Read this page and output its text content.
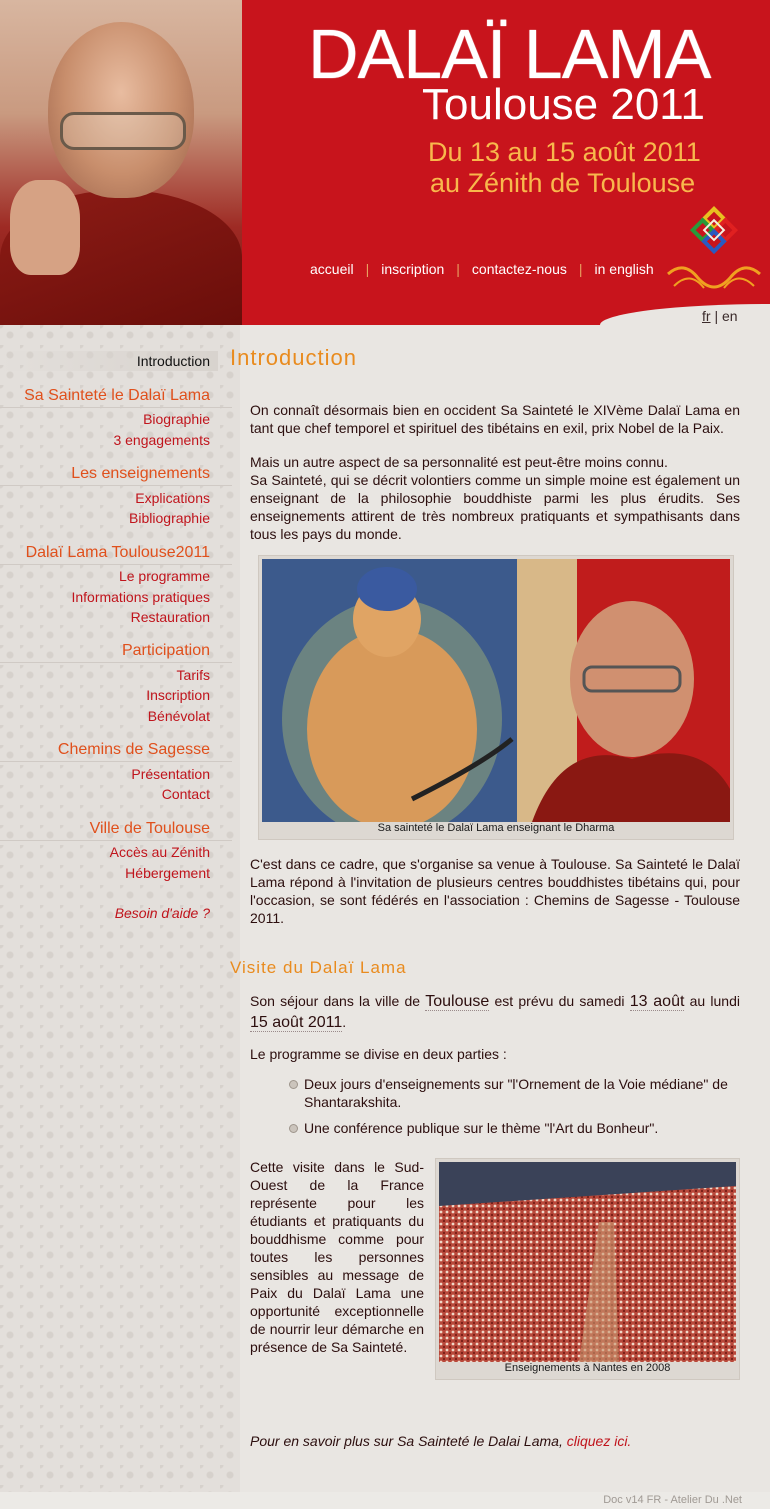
DALAÏ LAMA
Toulouse 2011
Du 13 au 15 août 2011
au Zénith de Toulouse
accueil | inscription | contactez-nous | in english
fr | en
Introduction
Sa Sainteté le Dalaï Lama
Biographie
3 engagements
Les enseignements
Explications
Bibliographie
Dalaï Lama Toulouse2011
Le programme
Informations pratiques
Restauration
Participation
Tarifs
Inscription
Bénévolat
Chemins de Sagesse
Présentation
Contact
Ville de Toulouse
Accès au Zénith
Hébergement
Besoin d'aide ?
Introduction
On connaît désormais bien en occident Sa Sainteté le XIVème Dalaï Lama en tant que chef temporel et spirituel des tibétains en exil, prix Nobel de la Paix.
Mais un autre aspect de sa personnalité est peut-être moins connu.
Sa Sainteté, qui se décrit volontiers comme un simple moine est également un enseignant de la philosophie bouddhiste parmi les plus érudits. Ses enseignements attirent de très nombreux pratiquants et sympathisants dans tous les pays du monde.
Sa sainteté le Dalaï Lama enseignant le Dharma
C'est dans ce cadre, que s'organise sa venue à Toulouse. Sa Sainteté le Dalaï Lama répond à l'invitation de plusieurs centres bouddhistes tibétains qui, pour l'occasion, se sont fédérés en l'association : Chemins de Sagesse - Toulouse 2011.
Visite du Dalaï Lama
Son séjour dans la ville de Toulouse est prévu du samedi 13 août au lundi 15 août 2011.
Le programme se divise en deux parties :
Deux jours d'enseignements sur "l'Ornement de la Voie médiane" de Shantarakshita.
Une conférence publique sur le thème "l'Art du Bonheur".
Cette visite dans le Sud-Ouest de la France représente pour les étudiants et pratiquants du bouddhisme comme pour toutes les personnes sensibles au message de Paix du Dalaï Lama une opportunité exceptionnelle de nourrir leur démarche en présence de Sa Sainteté.
Enseignements à Nantes en 2008
Pour en savoir plus sur Sa Sainteté le Dalai Lama, cliquez ici.
Doc v14 FR - Atelier Du .Net
